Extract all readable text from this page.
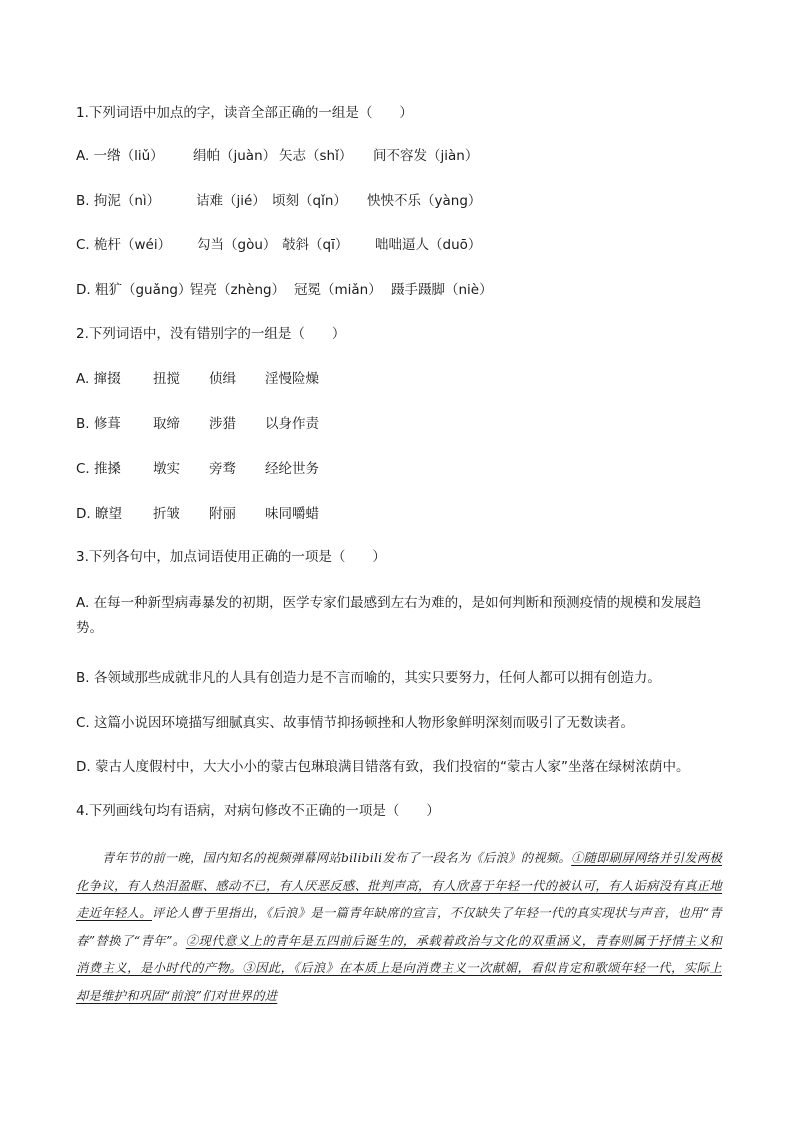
1.下列词语中加点的字，读音全部正确的一组是（　　）
A. 一绺（liǔ） 绢帕（juàn） 矢志（shǐ） 间不容发（jiàn）
B. 拘泥（nì）	诘难（jié） 顷刻（qǐn） 怏怏不乐（yàng）
C. 桅杆（wéi） 勾当（gòu） 攲斜（qī） 咄咄逼人（duō）
D. 粗犷（guǎng）
锃亮（zhèng） 冠冕（miǎn） 蹑手蹑脚（niè）
2.下列词语中，没有错别字的一组是（　　）
A. 撺掇 扭搅 侦缉 淫慢险燥
B. 修葺 取缔 涉猎 以身作责
C. 推搡 墩实 旁骛 经纶世务
D. 瞭望 折皱 附丽 味同嚼蜡
3.下列各句中，加点词语使用正确的一项是（　　）
A. 在每一种新型病毒暴发的初期，医学专家们最感到左右为难的，是如何判断和预测疫情的规模和发展趋势。
B. 各领域那些成就非凡的人具有创造力是不言而喻的，其实只要努力，任何人都可以拥有创造力。
C. 这篇小说因环境描写细腻真实、故事情节抑扬顿挫和人物形象鲜明深刻而吸引了无数读者。
D. 蒙古人度假村中，大大小小的蒙古包琳琅满目错落有致，我们投宿的“蒙古人家”坐落在绿树浓荫中。
4.下列画线句均有语病，对病句修改不正确的一项是（　　）
青年节的前一晚，国内知名的视频弹幕网站bilibili发布了一段名为《后浪》的视频。①随即刷屏网络并引发两极化争议，有人热泪盈眶、感动不已，有人厌恶反感、批判声高，有人欣喜于年轻一代的被认可，有人诟病没有真正地走近年轻人。评论人曹于里指出，《后浪》是一篇青年缺席的宣言，不仅缺失了年轻一代的真实现状与声音，也用“青春”替换了“青年”。②现代意义上的青年是五四前后诞生的，承载着政治与文化的双重涵义，青春则属于抒情主义和消费主义，是小时代的产物。③因此，《后浪》在本质上是向消费主义一次献媚，看似肯定和歌颂年轻一代，实际上却是维护和巩固“前浪”们对世界的进
